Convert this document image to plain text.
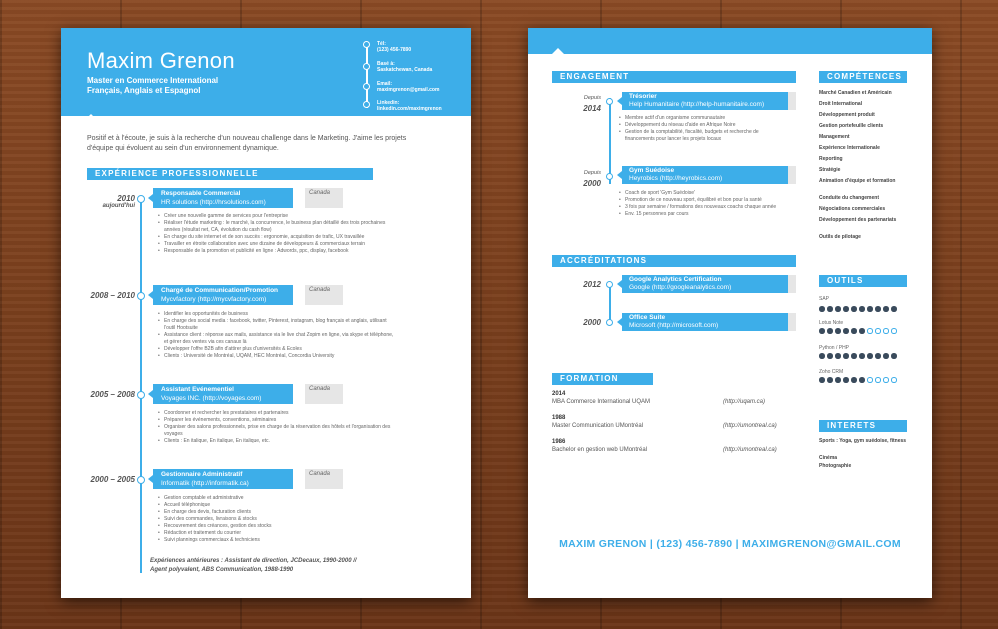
Maxim Grenon
Master en Commerce International
Français, Anglais et Espagnol
Tél:
(123) 456-7890
Basé à:
Saskatchewan, Canada
Email:
maximgrenon@gmail.com
Linkedin:
linkedin.com/maximgrenon
Positif et à l'écoute, je suis à la recherche d'un nouveau challenge dans le Marketing. J'aime les projets d'équipe qui évoluent au sein d'un environnement dynamique.
EXPÉRIENCE PROFESSIONNELLE
2010
aujourd'hui
Canada
Responsable Commercial
HR solutions (http://hrsolutions.com)
• Créer une nouvelle gamme de services pour l'entreprise
• Réaliser l'étude marketing : le marché, la concurrence, le business plan détaillé des trois prochaines années (résultat net, CA, évolution du cash flow)
• En charge du site internet et de son succès : ergonomie, acquisition de trafic, UX travaillée
• Travailler en étroite collaboration avec une dizaine de développeurs & commerciaux terrain
• Responsable de la promotion et publicité en ligne : Adwords, ppc, display, facebook
2008 – 2010
Canada
Chargé de Communication/Promotion
Mycvfactory (http://mycvfactory.com)
• Identifier les opportunités de business
• En charge des social media : facebook, twitter, Pinterest, instagram, blog français et anglais, utilisant l'outil Hootsuite
• Assistance client : réponse aux mails, assistance via le live chat Zopim en ligne, via skype et téléphone, et gérer des ventes via ces canaux là
• Développer l'offre B2B afin d'attirer plus d'universités & Ecoles
• Clients : Université de Montréal, UQAM, HEC Montréal, Concordia University
2005 – 2008
Canada
Assistant Evénementiel
Voyages INC. (http://voyages.com)
• Coordonner et rechercher les prestataires et partenaires
• Préparer les événements, conventions, séminaires
• Organiser des salons professionnels, prise en charge de la réservation des hôtels et l'organisation des voyages
• Clients : En italique, En italique, En italique, etc.
2000 – 2005
Canada
Gestionnaire Administratif
Informatik (http://informatik.ca)
• Gestion comptable et administrative
• Accueil téléphonique
• En charge des devis, facturation clients
• Suivi des commandes, livraisons & stocks
• Recouvrement des créances, gestion des stocks
• Rédaction et traitement du courrier
• Suivi plannings commerciaux & techniciens
Expériences antérieures : Assistant de direction, JCDecaux, 1990-2000 //
Agent polyvalent, ABS Communication, 1988-1990
ENGAGEMENT
Depuis
2014
Trésorier
Help Humanitaire (http://help-humanitaire.com)
• Membre actif d'un organisme communautaire
• Développement du réseau d'aide en Afrique Noire
• Gestion de la comptabilité, fiscalité, budgets et recherche de financements pour lancer les projets locaux
Depuis
2000
Gym Suédoise
Heyrobics (http://heyrobics.com)
• Coach de sport 'Gym Suédoise'
• Promotion de ce nouveau sport, équilibré et bon pour la santé
• 3 fois par semaine / formations des nouveaux coachs chaque année
• Env. 15 personnes par cours
ACCRÉDITATIONS
2012
Google Analytics Certification
Google (http://googleanalytics.com)
2000
Office Suite
Microsoft (http://microsoft.com)
FORMATION
2014
MBA Commerce International UQAM	(http://uqam.ca)
1988
Master Communication UMontréal	(http://umontreal.ca)
1986
Bachelor en gestion web UMontréal	(http://umontreal.ca)
COMPÉTENCES
Marché Canadien et Américain
Droit International
Développement produit
Gestion portefeuille clients
Management
Expérience Internationale
Reporting
Stratégie
Animation d'équipe et formation
Conduite du changement
Négociations commerciales
Développement des partenariats
Outils de pilotage
OUTILS
SAP
Lotus Note
Python / PHP
Zoho CRM
INTERETS
Sports : Yoga, gym suédoise, fitness
Cinéma
Photographie
MAXIM GRENON | (123) 456-7890 | MAXIMGRENON@GMAIL.COM
